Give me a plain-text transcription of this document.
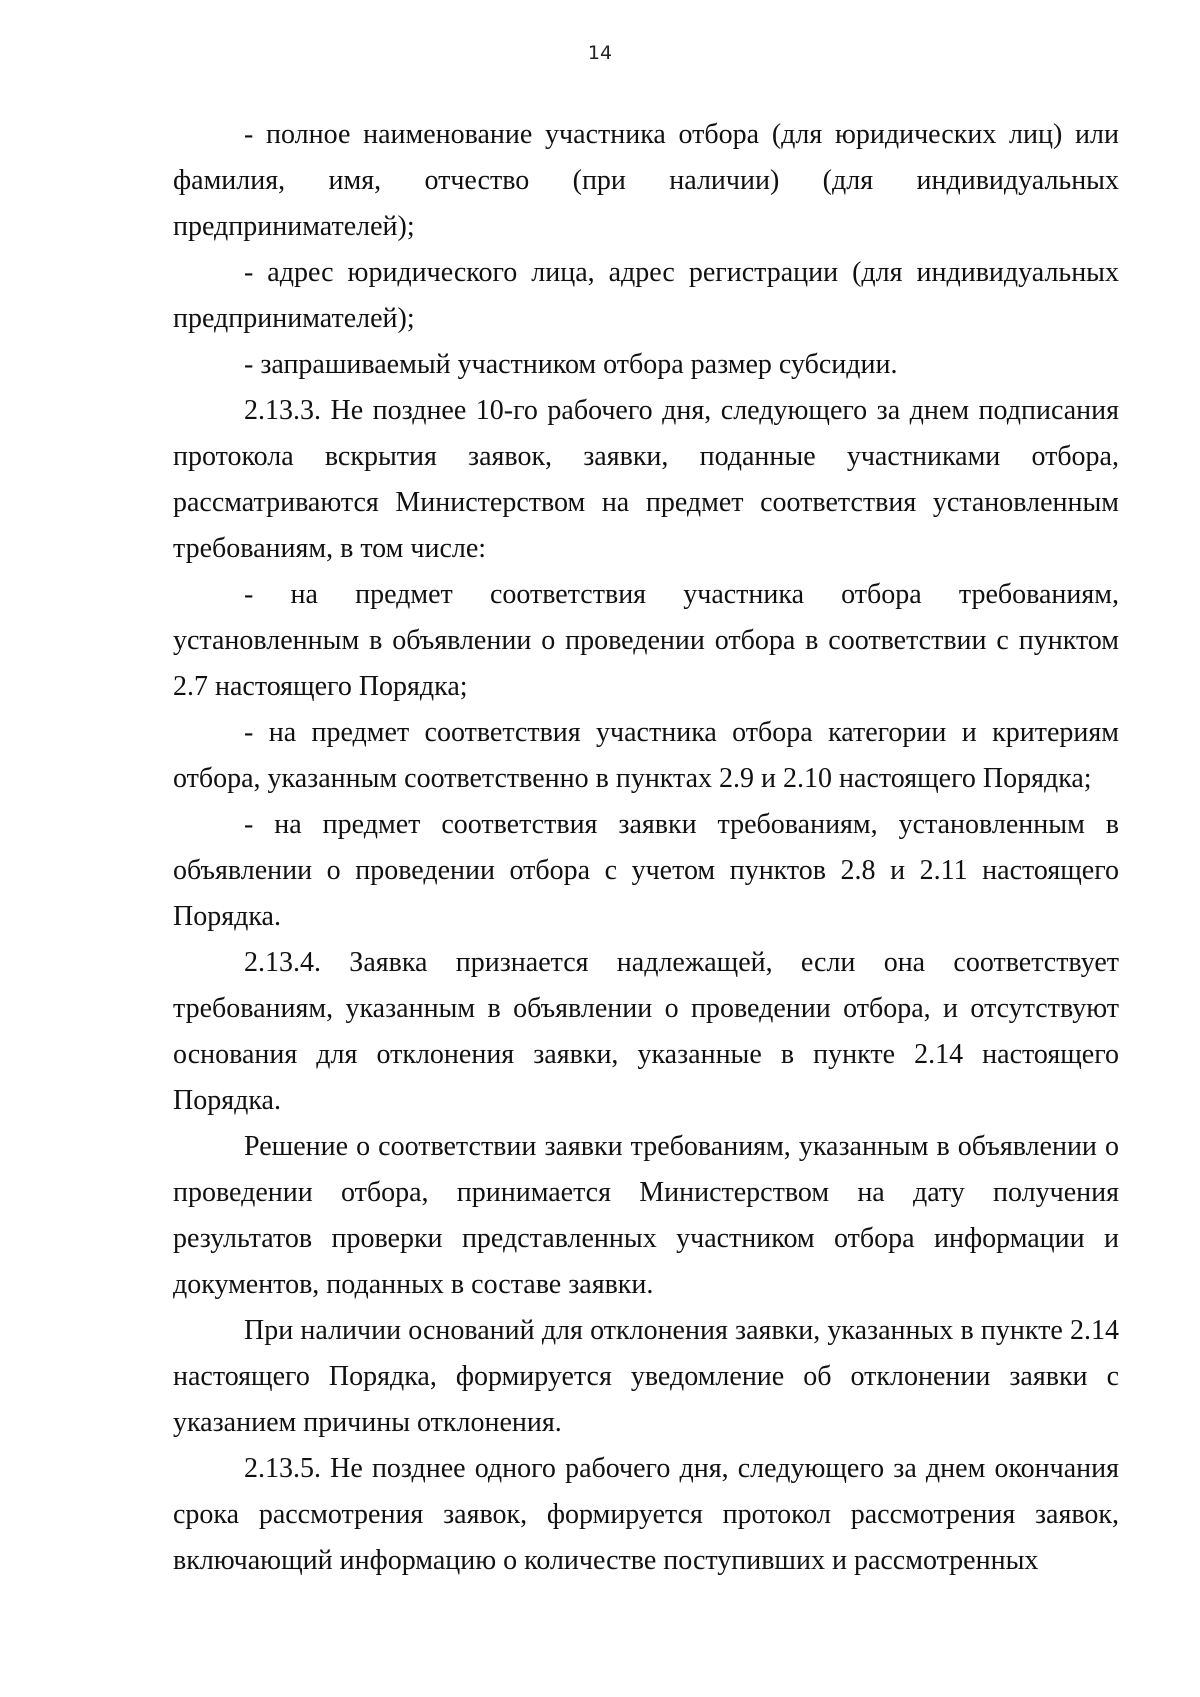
14

- полное наименование участника отбора (для юридических лиц) или фамилия, имя, отчество (при наличии) (для индивидуальных предпринимателей);

- адрес юридического лица, адрес регистрации (для индивидуальных предпринимателей);

- запрашиваемый участником отбора размер субсидии.

2.13.3. Не позднее 10-го рабочего дня, следующего за днем подписания протокола вскрытия заявок, заявки, поданные участниками отбора, рассматриваются Министерством на предмет соответствия установленным требованиям, в том числе:

- на предмет соответствия участника отбора требованиям, установленным в объявлении о проведении отбора в соответствии с пунктом 2.7 настоящего Порядка;

- на предмет соответствия участника отбора категории и критериям отбора, указанным соответственно в пунктах 2.9 и 2.10 настоящего Порядка;

- на предмет соответствия заявки требованиям, установленным в объявлении о проведении отбора с учетом пунктов 2.8 и 2.11 настоящего Порядка.

2.13.4. Заявка признается надлежащей, если она соответствует требованиям, указанным в объявлении о проведении отбора, и отсутствуют основания для отклонения заявки, указанные в пункте 2.14 настоящего Порядка.

Решение о соответствии заявки требованиям, указанным в объявлении о проведении отбора, принимается Министерством на дату получения результатов проверки представленных участником отбора информации и документов, поданных в составе заявки.

При наличии оснований для отклонения заявки, указанных в пункте 2.14 настоящего Порядка, формируется уведомление об отклонении заявки с указанием причины отклонения.

2.13.5. Не позднее одного рабочего дня, следующего за днем окончания срока рассмотрения заявок, формируется протокол рассмотрения заявок, включающий информацию о количестве поступивших и рассмотренных
